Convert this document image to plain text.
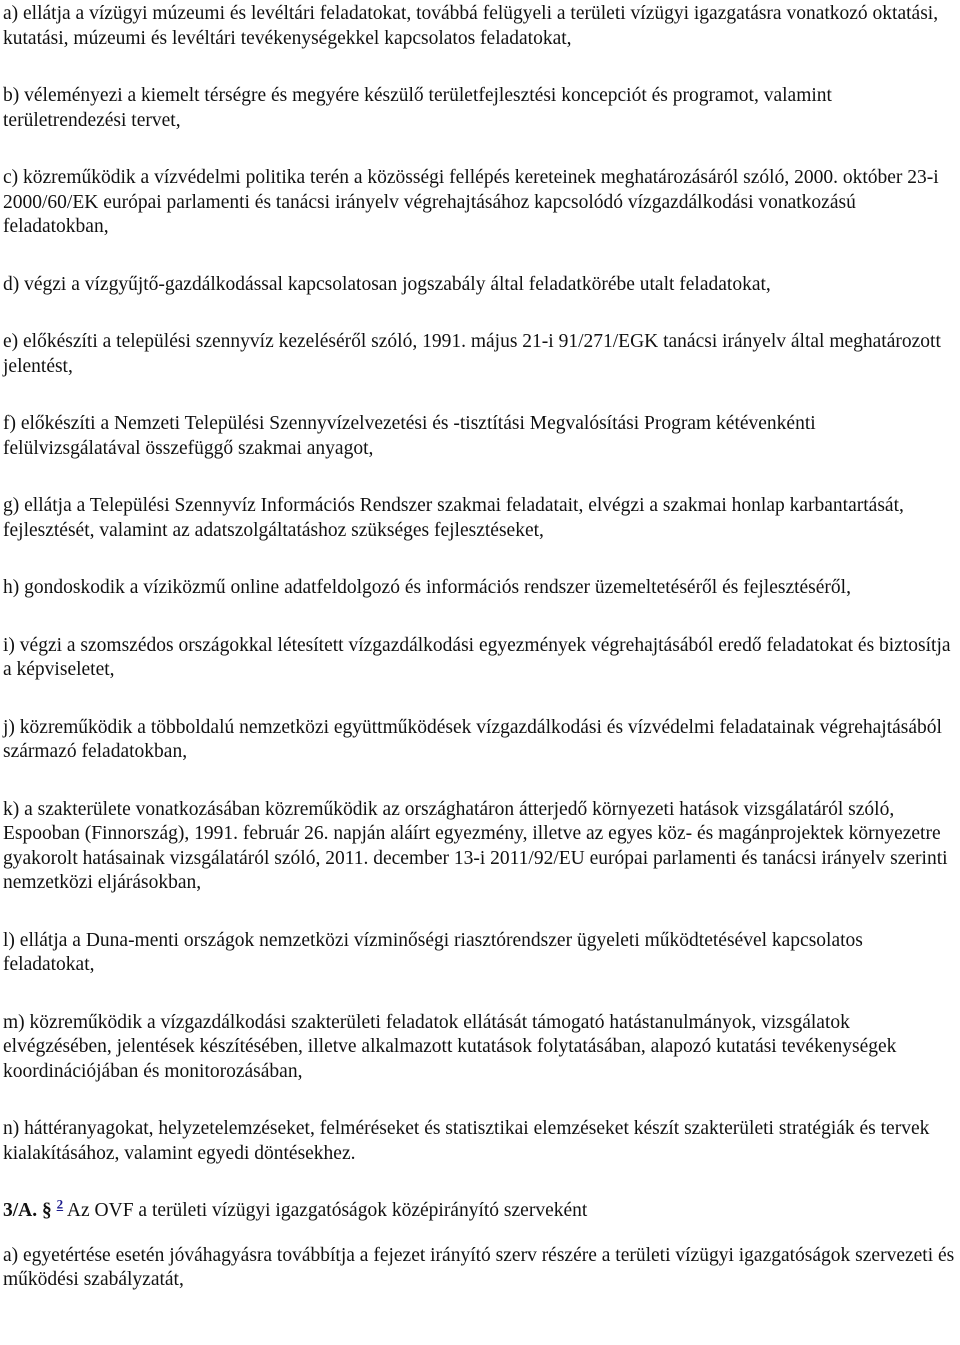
a) ellátja a vízügyi múzeumi és levéltári feladatokat, továbbá felügyeli a területi vízügyi igazgatásra vonatkozó oktatási, kutatási, múzeumi és levéltári tevékenységekkel kapcsolatos feladatokat,

b) véleményezi a kiemelt térségre és megyére készülő területfejlesztési koncepciót és programot, valamint területrendezési tervet,

c) közreműködik a vízvédelmi politika terén a közösségi fellépés kereteinek meghatározásáról szóló, 2000. október 23-i 2000/60/EK európai parlamenti és tanácsi irányelv végrehajtásához kapcsolódó vízgazdálkodási vonatkozású feladatokban,

d) végzi a vízgyűjtő-gazdálkodással kapcsolatosan jogszabály által feladatkörébe utalt feladatokat,

e) előkészíti a települési szennyvíz kezeléséről szóló, 1991. május 21-i 91/271/EGK tanácsi irányelv által meghatározott jelentést,

f) előkészíti a Nemzeti Települési Szennyvízelvezetési és -tisztítási Megvalósítási Program kétévenkénti felülvizsgálatával összefüggő szakmai anyagot,

g) ellátja a Települési Szennyvíz Információs Rendszer szakmai feladatait, elvégzi a szakmai honlap karbantartását, fejlesztését, valamint az adatszolgáltatáshoz szükséges fejlesztéseket,

h) gondoskodik a víziközmű online adatfeldolgozó és információs rendszer üzemeltetéséről és fejlesztéséről,

i) végzi a szomszédos országokkal létesített vízgazdálkodási egyezmények végrehajtásából eredő feladatokat és biztosítja a képviseletet,

j) közreműködik a többoldalú nemzetközi együttműködések vízgazdálkodási és vízvédelmi feladatainak végrehajtásából származó feladatokban,

k) a szakterülete vonatkozásában közreműködik az országhatáron átterjedő környezeti hatások vizsgálatáról szóló, Espooban (Finnország), 1991. február 26. napján aláírt egyezmény, illetve az egyes köz- és magánprojektek környezetre gyakorolt hatásainak vizsgálatáról szóló, 2011. december 13-i 2011/92/EU európai parlamenti és tanácsi irányelv szerinti nemzetközi eljárásokban,

l) ellátja a Duna-menti országok nemzetközi vízminőségi riasztórendszer ügyeleti működtetésével kapcsolatos feladatokat,

m) közreműködik a vízgazdálkodási szakterületi feladatok ellátását támogató hatástanulmányok, vizsgálatok elvégzésében, jelentések készítésében, illetve alkalmazott kutatások folytatásában, alapozó kutatási tevékenységek koordinációjában és monitorozásában,

n) háttéranyagokat, helyzetelemzéseket, felméréseket és statisztikai elemzéseket készít szakterületi stratégiák és tervek kialakításához, valamint egyedi döntésekhez.

3/A. § $^2$ Az OVF a területi vízügyi igazgatóságok középirányító szerveként

a) egyetértése esetén jóváhagyásra továbbítja a fejezet irányító szerv részére a területi vízügyi igazgatóságok szervezeti és működési szabályzatát,
